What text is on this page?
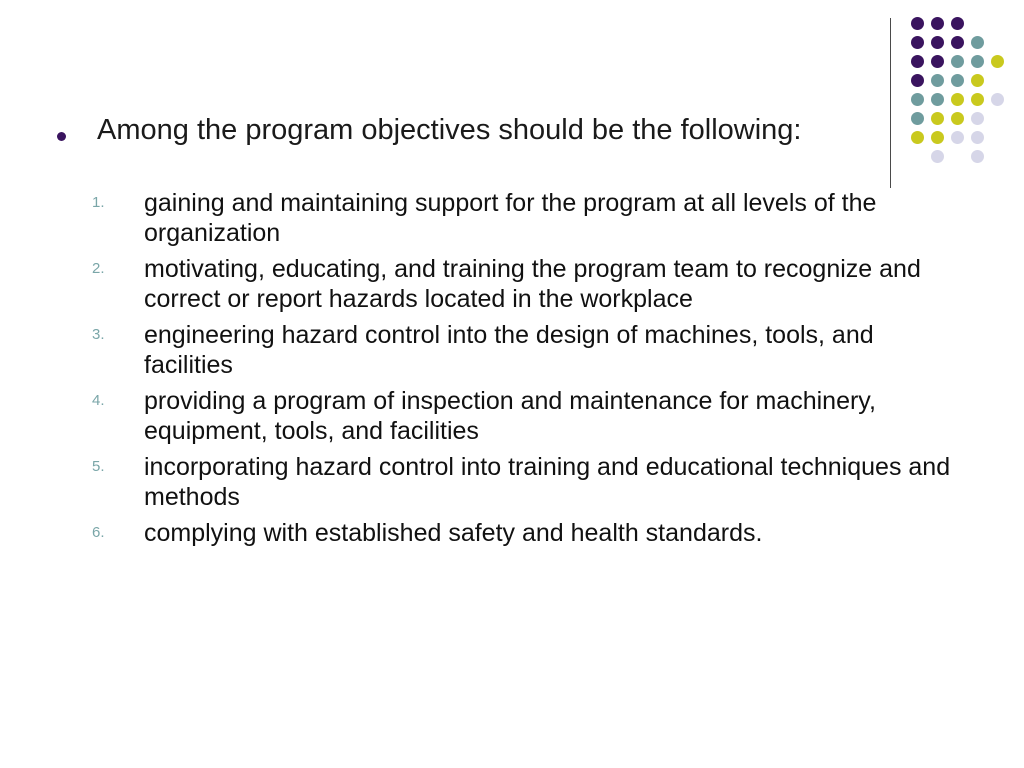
Among the program objectives should be the following:
1.	gaining and maintaining support for the program at all levels of the organization
2.	motivating, educating, and training the program team to recognize and correct or report hazards located in the workplace
3.	engineering hazard control into the design of machines, tools, and facilities
4.	providing a program of inspection and maintenance for machinery, equipment, tools, and facilities
5.	incorporating hazard control into training and educational techniques and methods
6.	complying with established safety and health standards.
